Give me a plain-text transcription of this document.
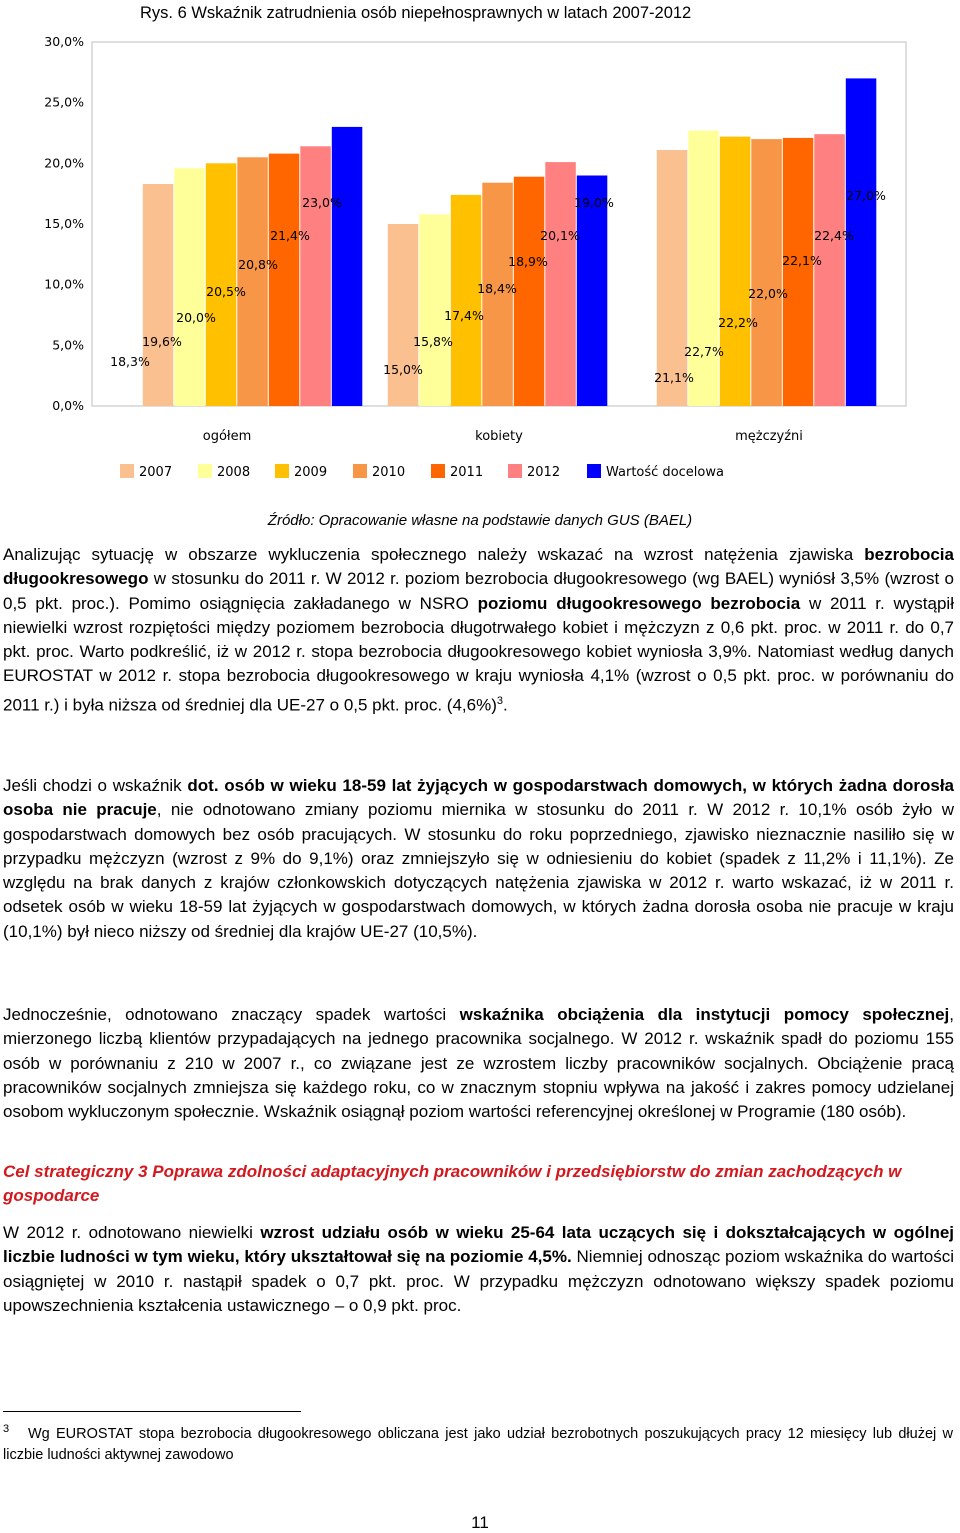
Rys. 6 Wskaźnik zatrudnienia osób niepełnosprawnych w latach 2007-2012
0,0%
5,0%
10,0%
15,0%
20,0%
25,0%
30,0%
18,3%
19,6%
20,0%
20,5%
20,8%
21,4%
23,0%
15,0%
15,8%
17,4%
18,4%
18,9%
20,1%
19,0%
21,1%
22,7%
22,2%
22,0%
22,1%
22,4%
27,0%
ogółem	kobiety	mężczyźni
2007	2008	2009	2010	2011	2012	Wartość docelowa
Źródło: Opracowanie własne na podstawie danych GUS (BAEL)

Analizując sytuację w obszarze wykluczenia społecznego należy wskazać na wzrost natężenia zjawiska bezrobocia długookresowego w stosunku do 2011 r. W 2012 r. poziom bezrobocia długookresowego (wg BAEL) wyniósł 3,5% (wzrost o 0,5 pkt. proc.). Pomimo osiągnięcia zakładanego w NSRO poziomu długookresowego bezrobocia w 2011 r. wystąpił niewielki wzrost rozpiętości między poziomem bezrobocia długotrwałego kobiet i mężczyzn z 0,6 pkt. proc. w 2011 r. do 0,7 pkt. proc. Warto podkreślić, iż w 2012 r. stopa bezrobocia długookresowego kobiet wyniosła 3,9%. Natomiast według danych EUROSTAT w 2012 r. stopa bezrobocia długookresowego w kraju wyniosła 4,1% (wzrost o 0,5 pkt. proc. w porównaniu do 2011 r.) i była niższa od średniej dla UE-27 o 0,5 pkt. proc. $(4,6\%)^3$.

Jeśli chodzi o wskaźnik dot. osób w wieku 18-59 lat żyjących w gospodarstwach domowych, w których żadna dorosła osoba nie pracuje, nie odnotowano zmiany poziomu miernika w stosunku do 2011 r. W 2012 r. 10,1% osób żyło w gospodarstwach domowych bez osób pracujących. W stosunku do roku poprzedniego, zjawisko nieznacznie nasiliło się w przypadku mężczyzn (wzrost z 9% do 9,1%) oraz zmniejszyło się w odniesieniu do kobiet (spadek z 11,2% i 11,1%). Ze względu na brak danych z krajów członkowskich dotyczących natężenia zjawiska w 2012 r. warto wskazać, iż w 2011 r. odsetek osób w wieku 18-59 lat żyjących w gospodarstwach domowych, w których żadna dorosła osoba nie pracuje w kraju (10,1%) był nieco niższy od średniej dla krajów UE-27 (10,5%).

Jednocześnie, odnotowano znaczący spadek wartości wskaźnika obciążenia dla instytucji pomocy społecznej, mierzonego liczbą klientów przypadających na jednego pracownika socjalnego. W 2012 r. wskaźnik spadł do poziomu 155 osób w porównaniu z 210 w 2007 r., co związane jest ze wzrostem liczby pracowników socjalnych. Obciążenie pracą pracowników socjalnych zmniejsza się każdego roku, co w znacznym stopniu wpływa na jakość i zakres pomocy udzielanej osobom wykluczonym społecznie. Wskaźnik osiągnął poziom wartości referencyjnej określonej w Programie (180 osób).

Cel strategiczny 3 Poprawa zdolności adaptacyjnych pracowników i przedsiębiorstw do zmian zachodzących w gospodarce

W 2012 r. odnotowano niewielki wzrost udziału osób w wieku 25-64 lata uczących się i dokształcających w ogólnej liczbie ludności w tym wieku, który ukształtował się na poziomie 4,5%. Niemniej odnosząc poziom wskaźnika do wartości osiągniętej w 2010 r. nastąpił spadek o 0,7 pkt. proc. W przypadku mężczyzn odnotowano większy spadek poziomu upowszechnienia kształcenia ustawicznego – o 0,9 pkt. proc.

$^3$ Wg EUROSTAT stopa bezrobocia długookresowego obliczana jest jako udział bezrobotnych poszukujących pracy 12 miesięcy lub dłużej w liczbie ludności aktywnej zawodowo

11
